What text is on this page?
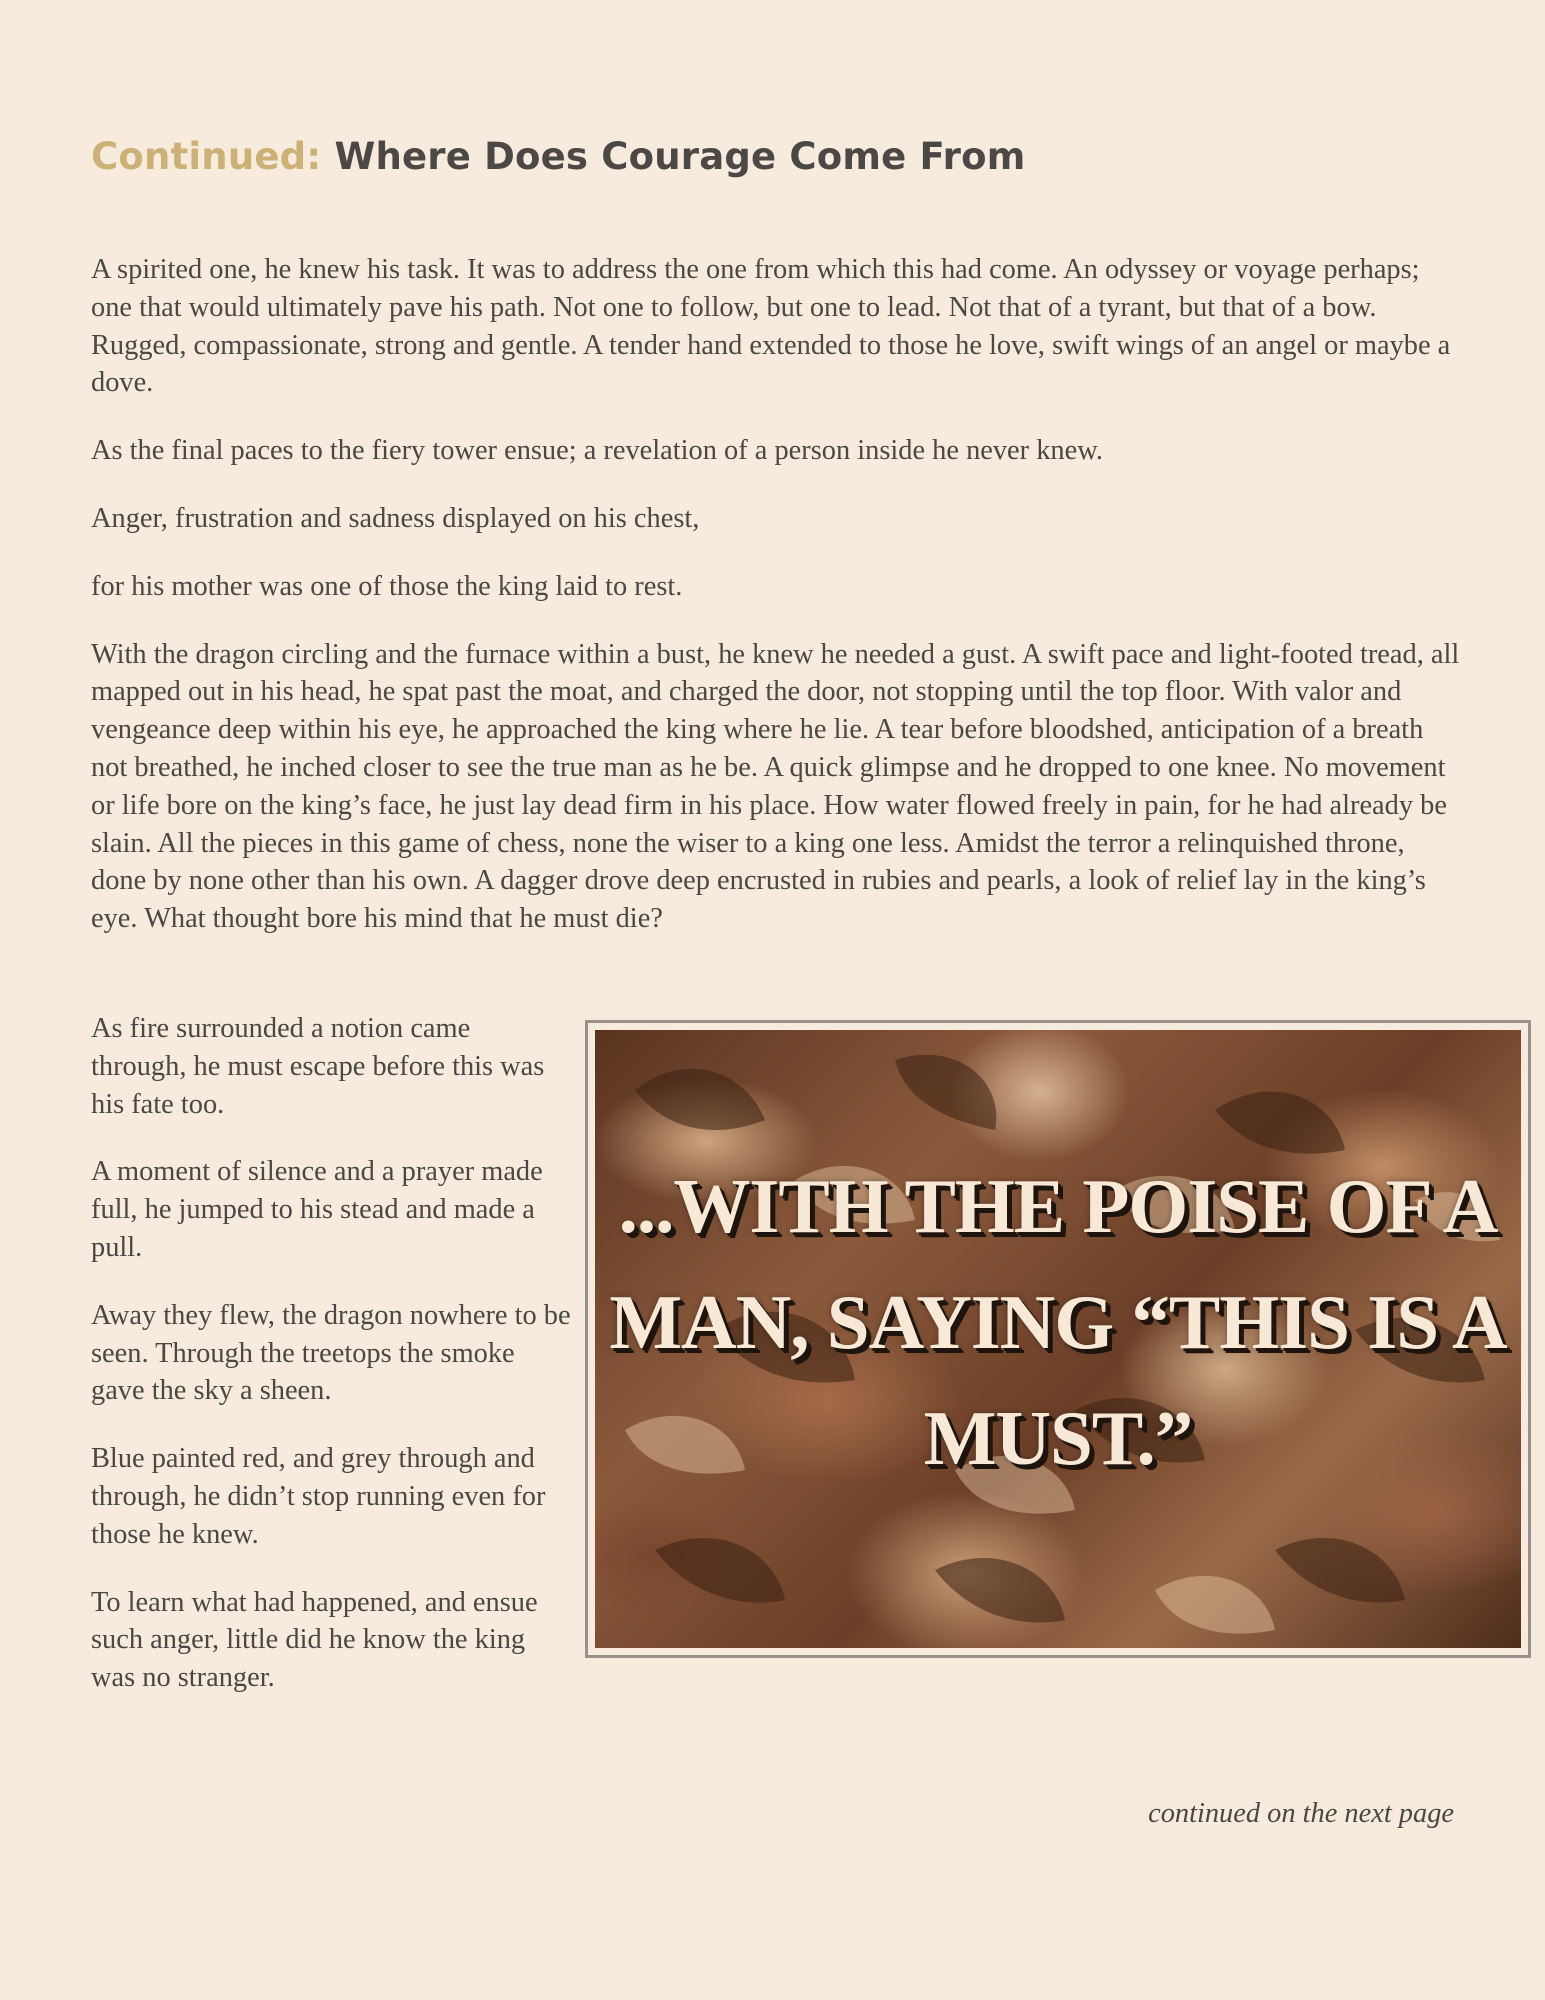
Continued: Where Does Courage Come From

A spirited one, he knew his task. It was to address the one from which this had come. An odyssey or voyage perhaps; one that would ultimately pave his path. Not one to follow, but one to lead. Not that of a tyrant, but that of a bow. Rugged, compassionate, strong and gentle. A tender hand extended to those he love, swift wings of an angel or maybe a dove.

As the final paces to the fiery tower ensue; a revelation of a person inside he never knew.

Anger, frustration and sadness displayed on his chest,

for his mother was one of those the king laid to rest.

With the dragon circling and the furnace within a bust, he knew he needed a gust. A swift pace and light-footed tread, all mapped out in his head, he spat past the moat, and charged the door, not stopping until the top floor. With valor and vengeance deep within his eye, he approached the king where he lie. A tear before bloodshed, anticipation of a breath not breathed, he inched closer to see the true man as he be. A quick glimpse and he dropped to one knee. No movement or life bore on the king’s face, he just lay dead firm in his place. How water flowed freely in pain, for he had already be slain. All the pieces in this game of chess, none the wiser to a king one less. Amidst the terror a relinquished throne, done by none other than his own. A dagger drove deep encrusted in rubies and pearls, a look of relief lay in the king’s eye. What thought bore his mind that he must die?

As fire surrounded a notion came through, he must escape before this was his fate too.

A moment of silence and a prayer made full, he jumped to his stead and made a pull.

Away they flew, the dragon nowhere to be seen. Through the treetops the smoke gave the sky a sheen.

Blue painted red, and grey through and through, he didn’t stop running even for those he knew.

To learn what had happened, and ensue such anger, little did he know the king was no stranger.

...WITH THE POISE OF A MAN, SAYING “THIS IS A MUST.”
continued on the next page
